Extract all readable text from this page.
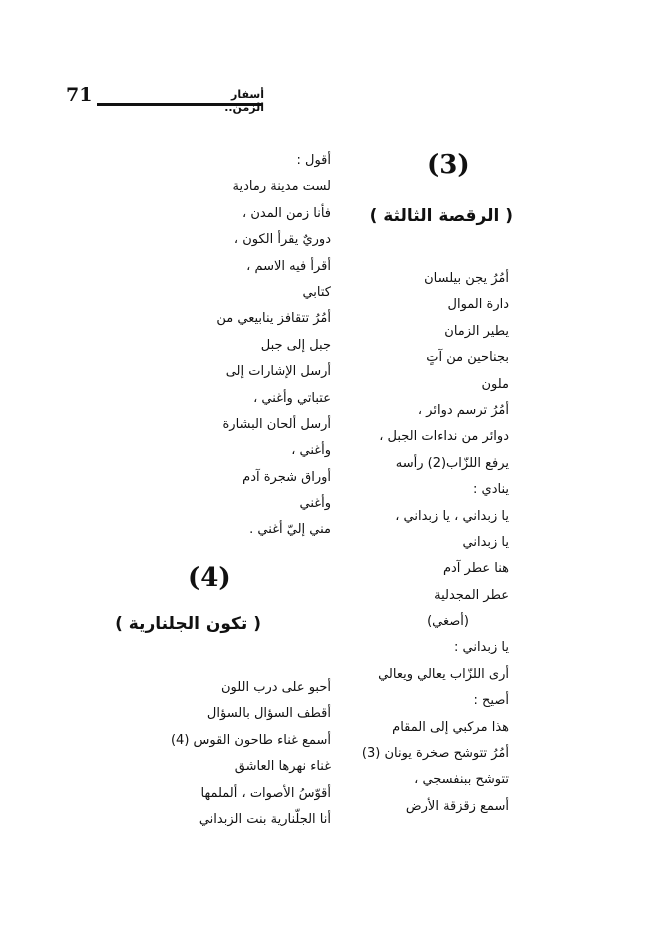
71	أسفار الزمن..
(3)
( الرقصة الثالثة )
أمُرُ يجن بيلسان
دارة الموال
يطير الزمان
بجناحين من آتٍ
ملون
أمُرُ ترسم دوائر ،
دوائر من نداءات الجبل ،
يرفع اللزّاب(2) رأسه
ينادي :
يا زبداني ، يا زبداني ،
يا زبداني
هنا عطر آدم
عطر المجدلية
(أصغي)
يا زبداني :
أرى اللزّاب يعالي ويعالي
أصيح :
هذا مركبي إلى المقام
أمُرُ تتوشح صخرة يونان (3)
تتوشح ببنفسجي ،
أسمع زقزقة الأرض
أقول :
لست مدينة رمادية
فأنا زمن المدن ،
دوريٌ يقرأ الكون ،
أقرأ فيه الاسم ،
كتابي
أمُرُ تتقافز ينابيعي من
جبل إلى جبل
أرسل الإشارات إلى
عتباتي وأغني ،
أرسل ألحان البشارة
وأغني ،
أوراق شجرة آدم
وأغني
مني إليّ أغني .
(4)
( تكون الجلنارية )
أحبو على درب اللون
أقطف السؤال بالسؤال
أسمع غناء طاحون القوس (4)
غناء نهرها العاشق
أقوّسُ الأصوات ، ألملمها
أنا الجلّنارية بنت الزبداني
